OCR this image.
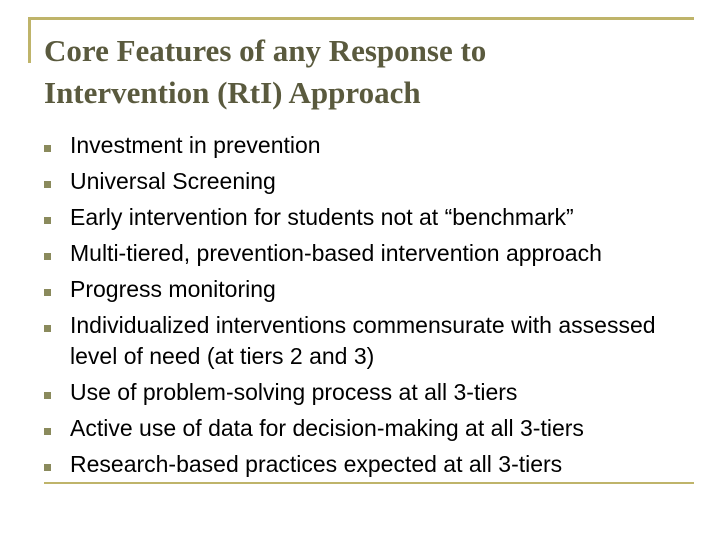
Core Features of any Response to
Intervention (RtI) Approach
Investment in prevention
Universal Screening
Early intervention for students not at “benchmark”
Multi-tiered, prevention-based intervention approach
Progress monitoring
Individualized interventions commensurate with assessed level of need (at tiers 2 and 3)
Use of problem-solving process at all 3-tiers
Active use of data for decision-making at all 3-tiers
Research-based practices expected at all 3-tiers
